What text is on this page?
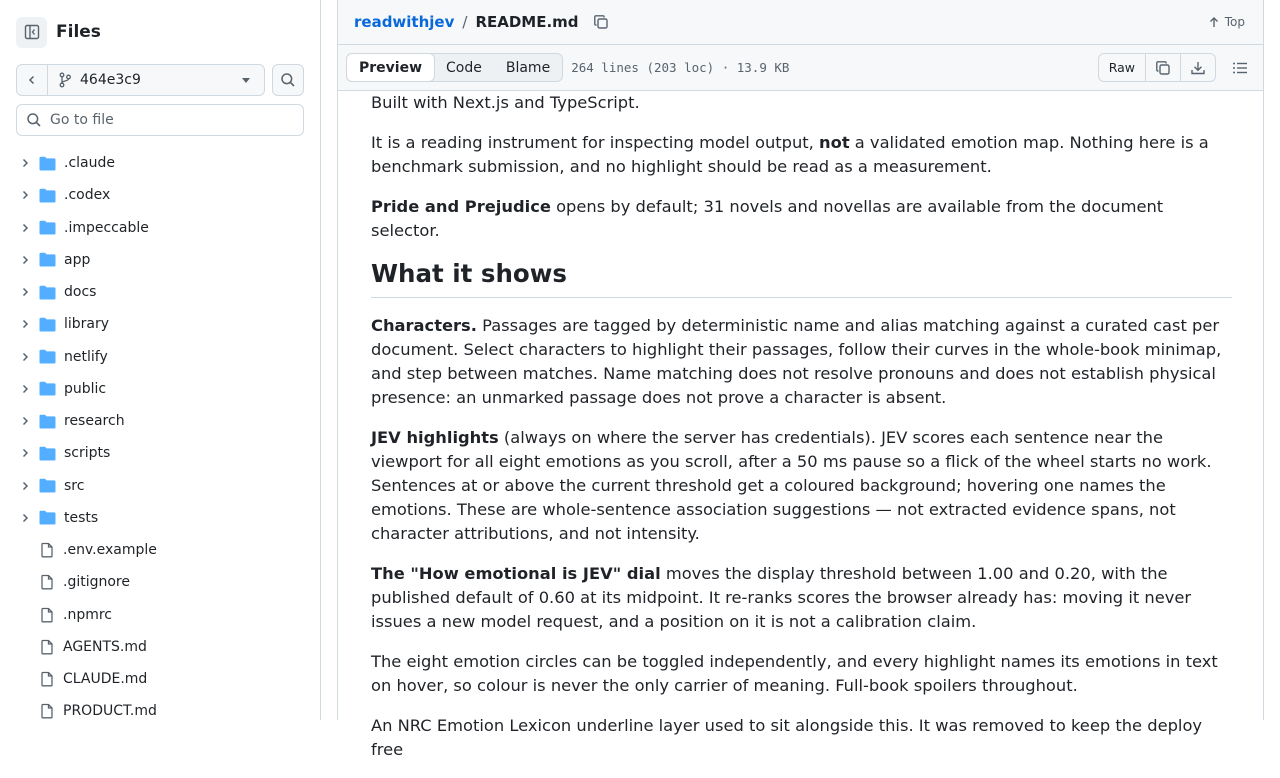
Files
464e3c9
Go to file
.claude
.codex
.impeccable
app
docs
library
netlify
public
research
scripts
src
tests
.env.example
.gitignore
.npmrc
AGENTS.md
CLAUDE.md
PRODUCT.md
readwithjev / README.md	Top
Preview	Code	Blame	264 lines (203 loc) · 13.9 KB	Raw

Built with Next.js and TypeScript.

It is a reading instrument for inspecting model output, not a validated emotion map. Nothing here is a benchmark submission, and no highlight should be read as a measurement.

Pride and Prejudice opens by default; 31 novels and novellas are available from the document selector.

What it shows

Characters. Passages are tagged by deterministic name and alias matching against a curated cast per document. Select characters to highlight their passages, follow their curves in the whole-book minimap, and step between matches. Name matching does not resolve pronouns and does not establish physical presence: an unmarked passage does not prove a character is absent.

JEV highlights (always on where the server has credentials). JEV scores each sentence near the viewport for all eight emotions as you scroll, after a 50 ms pause so a flick of the wheel starts no work. Sentences at or above the current threshold get a coloured background; hovering one names the emotions. These are whole-sentence association suggestions — not extracted evidence spans, not character attributions, and not intensity.

The "How emotional is JEV" dial moves the display threshold between 1.00 and 0.20, with the published default of 0.60 at its midpoint. It re-ranks scores the browser already has: moving it never issues a new model request, and a position on it is not a calibration claim.

The eight emotion circles can be toggled independently, and every highlight names its emotions in text on hover, so colour is never the only carrier of meaning. Full-book spoilers throughout.

An NRC Emotion Lexicon underline layer used to sit alongside this. It was removed to keep the deploy free
